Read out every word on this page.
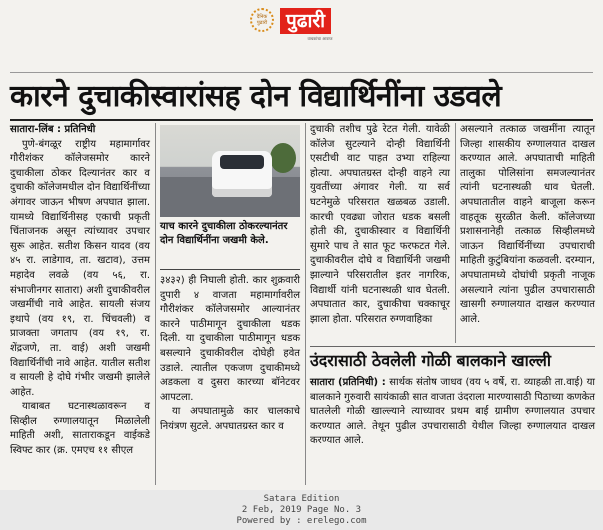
दैनिक पुढारी पुढारी
वाचकांचा आवाज
कारने दुचाकीस्वारांसह दोन विद्यार्थिनींना उडवले

सातारा-लिंब : प्रतिनिधी

पुणे-बंगळूर राष्ट्रीय महामार्गावर गौरीशंकर कॉलेजसमोर कारने दुचाकीला ठोकर दिल्यानंतर कार व दुचाकी कॉलेजमधील दोन विद्यार्थिनींच्या अंगावर जाऊन भीषण अपघात झाला. यामध्ये विद्यार्थिनीसह एकाची प्रकृती चिंताजनक असून त्यांच्यावर उपचार सुरू आहेत. सतीश किसन यादव (वय ४५ रा. लाडेगाव, ता. खटाव), उत्तम महादेव लवळे (वय ५६, रा. संभाजीनगर सातारा) अशी दुचाकीवरील जखमींची नावे आहेत. सायली संजय इथापे (वय १९, रा. चिंचवली) व प्राजक्ता जगताप (वय १९, रा. शेंद्रजणे, ता. वाई) अशी जखमी विद्यार्थिनींची नावे आहेत. यातील सतीश व सायली हे दोघे गंभीर जखमी झालेले आहेत.

याबाबत घटनास्थळावरून व सिव्हील रुग्णालयातून मिळालेली माहिती अशी, साताराकडून वाईकडे स्विफ्ट कार (क्र. एमएच ११ सीएल

याच कारने दुचाकीला ठोकरल्यानंतर दोन विद्यार्थिनींना जखमी केले.

३४३२) ही निघाली होती. कार शुक्रवारी दुपारी ४ वाजता महामार्गावरील गौरीशंकर कॉलेजसमोर आल्यानंतर कारने पाठीमागून दुचाकीला धडक दिली. या दुचाकीला पाठीमागून धडक बसल्याने दुचाकीवरील दोघेही हवेत उडाले. त्यातील एकजण दुचाकीमध्ये अडकला व दुसरा कारच्या बॉनेटवर आपटला.

या अपघातामुळे कार चालकाचे नियंत्रण सुटले. अपघातग्रस्त कार व

दुचाकी तशीच पुढे रेटत गेली. यावेळी कॉलेज सुटल्याने दोन्ही विद्यार्थिनी एसटीची वाट पाहत उभ्या राहिल्या होत्या. अपघातग्रस्त दोन्ही वाहने त्या युवतींच्या अंगावर गेली. या सर्व घटनेमुळे परिसरात खळबळ उडाली. कारची एवढ्या जोरात धडक बसली होती की, दुचाकीस्वार व विद्यार्थिनी सुमारे पाच ते सात फूट फरफटत गेले. दुचाकीवरील दोघे व विद्यार्थिनी जखमी झाल्याने परिसरातील इतर नागरिक, विद्यार्थी यांनी घटनास्थळी धाव घेतली. अपघातात कार, दुचाकीचा चक्काचूर झाला होता. परिसरात रुग्णवाहिका

असल्याने तत्काळ जखमींना त्यातून जिल्हा शासकीय रुग्णालयात दाखल करण्यात आले. अपघाताची माहिती तालुका पोलिसांना समजल्यानंतर त्यांनी घटनास्थळी धाव घेतली. अपघातातील वाहने बाजूला करून वाहतूक सुरळीत केली. कॉलेजच्या प्रशासनानेही तत्काळ सिव्हीलमध्ये जाऊन विद्यार्थिनींच्या उपचाराची माहिती कुटुंबियांना कळवली. दरम्यान, अपघातामध्ये दोघांची प्रकृती नाजूक असल्याने त्यांना पुढील उपचारासाठी खासगी रुग्णालयात दाखल करण्यात आले.

उंदरासाठी ठेवलेली गोळी बालकाने खाल्ली

सातारा (प्रतिनिधी) : सार्थक संतोष जाधव (वय ५ वर्षे, रा. व्याहळी ता.वाई) या बालकाने गुरुवारी सायंकाळी सात वाजता उंदराला मारण्यासाठी पिठाच्या कणकेत घातलेली गोळी खाल्ल्याने त्याच्यावर प्रथम बाई ग्रामीण रुग्णालयात उपचार करण्यात आले. तेथून पुढील उपचारासाठी येथील जिल्हा रुग्णालयात दाखल करण्यात आले.

Satara Edition
2 Feb, 2019 Page No. 3
Powered by : erelego.com
